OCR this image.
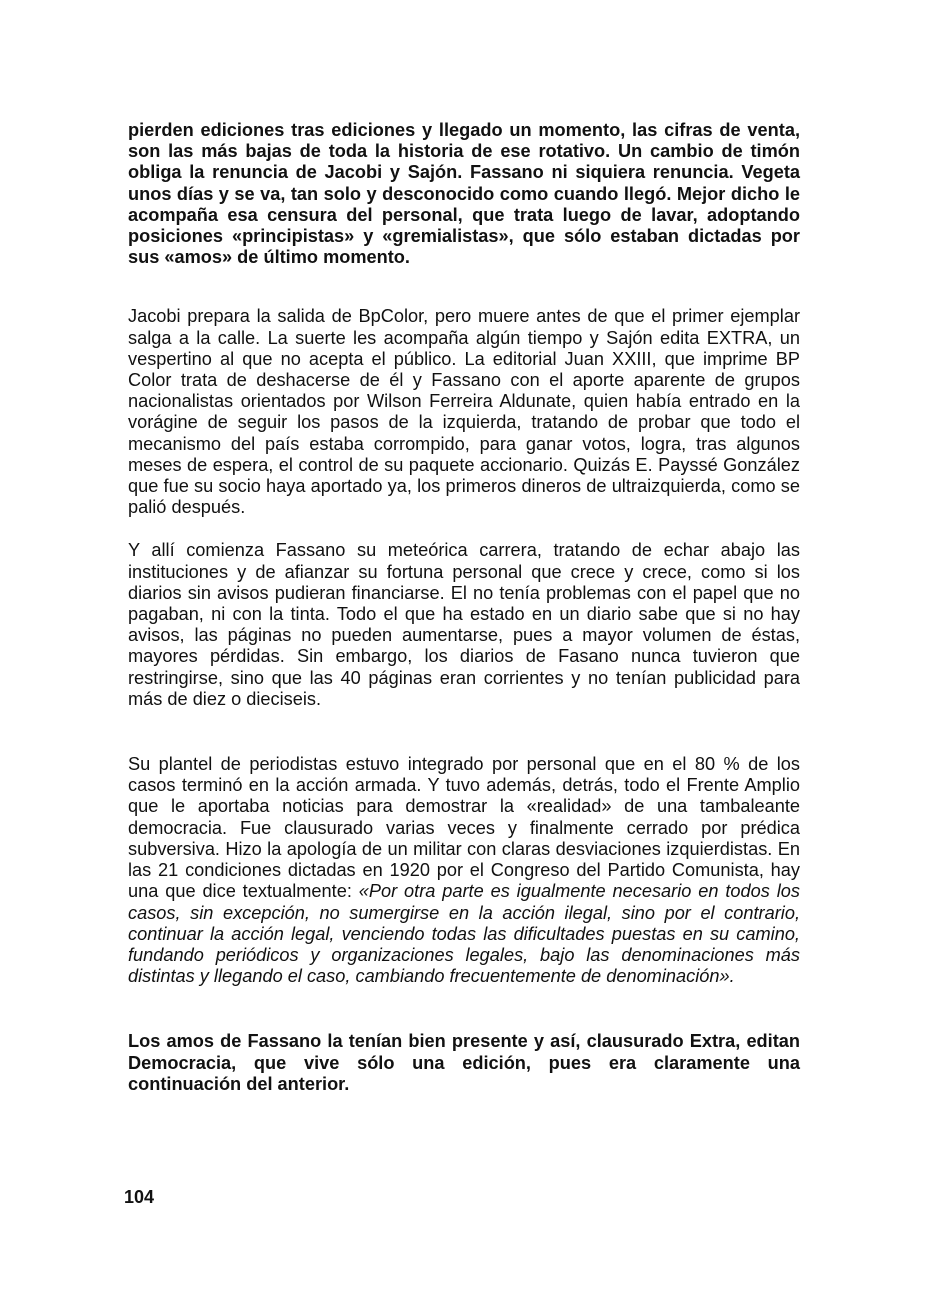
pierden ediciones tras ediciones y llegado un momento, las cifras de venta, son las más bajas de toda la historia de ese rotativo. Un cambio de timón obliga la renuncia de Jacobi y Sajón. Fassano ni siquiera renuncia. Vegeta unos días y se va, tan solo y desconocido como cuando llegó. Mejor dicho le acompaña esa censura del personal, que trata luego de lavar, adoptando posiciones «principistas» y «gremialistas», que sólo estaban dictadas por sus «amos» de último momento.

Jacobi prepara la salida de BpColor, pero muere antes de que el primer ejemplar salga a la calle. La suerte les acompaña algún tiempo y Sajón edita EXTRA, un vespertino al que no acepta el público. La editorial Juan XXIII, que imprime BP Color trata de deshacerse de él y Fassano con el aporte aparente de grupos nacionalistas orientados por Wilson Ferreira Aldunate, quien había entrado en la vorágine de seguir los pasos de la izquierda, tratando de probar que todo el mecanismo del país estaba corrompido, para ganar votos, logra, tras algunos meses de espera, el control de su paquete accionario. Quizás E. Payssé González que fue su socio haya aportado ya, los primeros dineros de ultraizquierda, como se palió después.

Y allí comienza Fassano su meteórica carrera, tratando de echar abajo las instituciones y de afianzar su fortuna personal que crece y crece, como si los diarios sin avisos pudieran financiarse. El no tenía problemas con el papel que no pagaban, ni con la tinta. Todo el que ha estado en un diario sabe que si no hay avisos, las páginas no pueden aumentarse, pues a mayor volumen de éstas, mayores pérdidas. Sin embargo, los diarios de Fasano nunca tuvieron que restringirse, sino que las 40 páginas eran corrientes y no tenían publicidad para más de diez o dieciseis.

Su plantel de periodistas estuvo integrado por personal que en el 80 % de los casos terminó en la acción armada. Y tuvo además, detrás, todo el Frente Amplio que le aportaba noticias para demostrar la «realidad» de una tambaleante democracia. Fue clausurado varias veces y finalmente cerrado por prédica subversiva. Hizo la apología de un militar con claras desviaciones izquierdistas. En las 21 condiciones dictadas en 1920 por el Congreso del Partido Comunista, hay una que dice textualmente: «Por otra parte es igualmente necesario en todos los casos, sin excepción, no sumergirse en la acción ilegal, sino por el contrario, continuar la acción legal, venciendo todas las dificultades puestas en su camino, fundando periódicos y organizaciones legales, bajo las denominaciones más distintas y llegando el caso, cambiando frecuentemente de denominación».

Los amos de Fassano la tenían bien presente y así, clausurado Extra, editan Democracia, que vive sólo una edición, pues era claramente una continuación del anterior.

104
